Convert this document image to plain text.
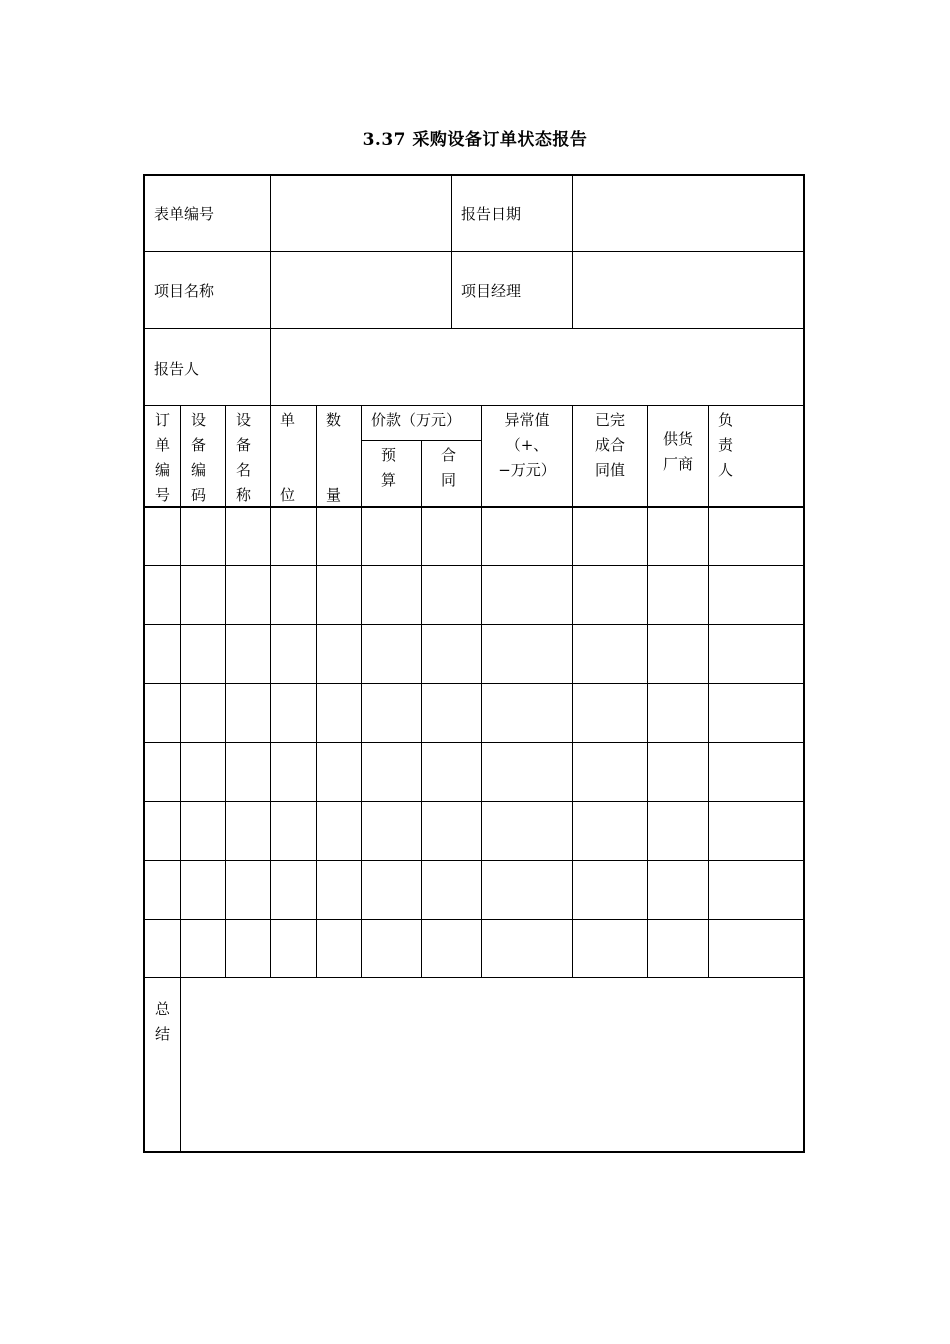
3.37 采购设备订单状态报告
表单编号	报告日期
项目名称	项目经理
报告人
订单编号
设备编码
设备名称
单
位
数
量
价款（万元）
预算
合同
异常值
（+、
−万元）
已完
成合
同值
供货
厂商
负责人
总结
